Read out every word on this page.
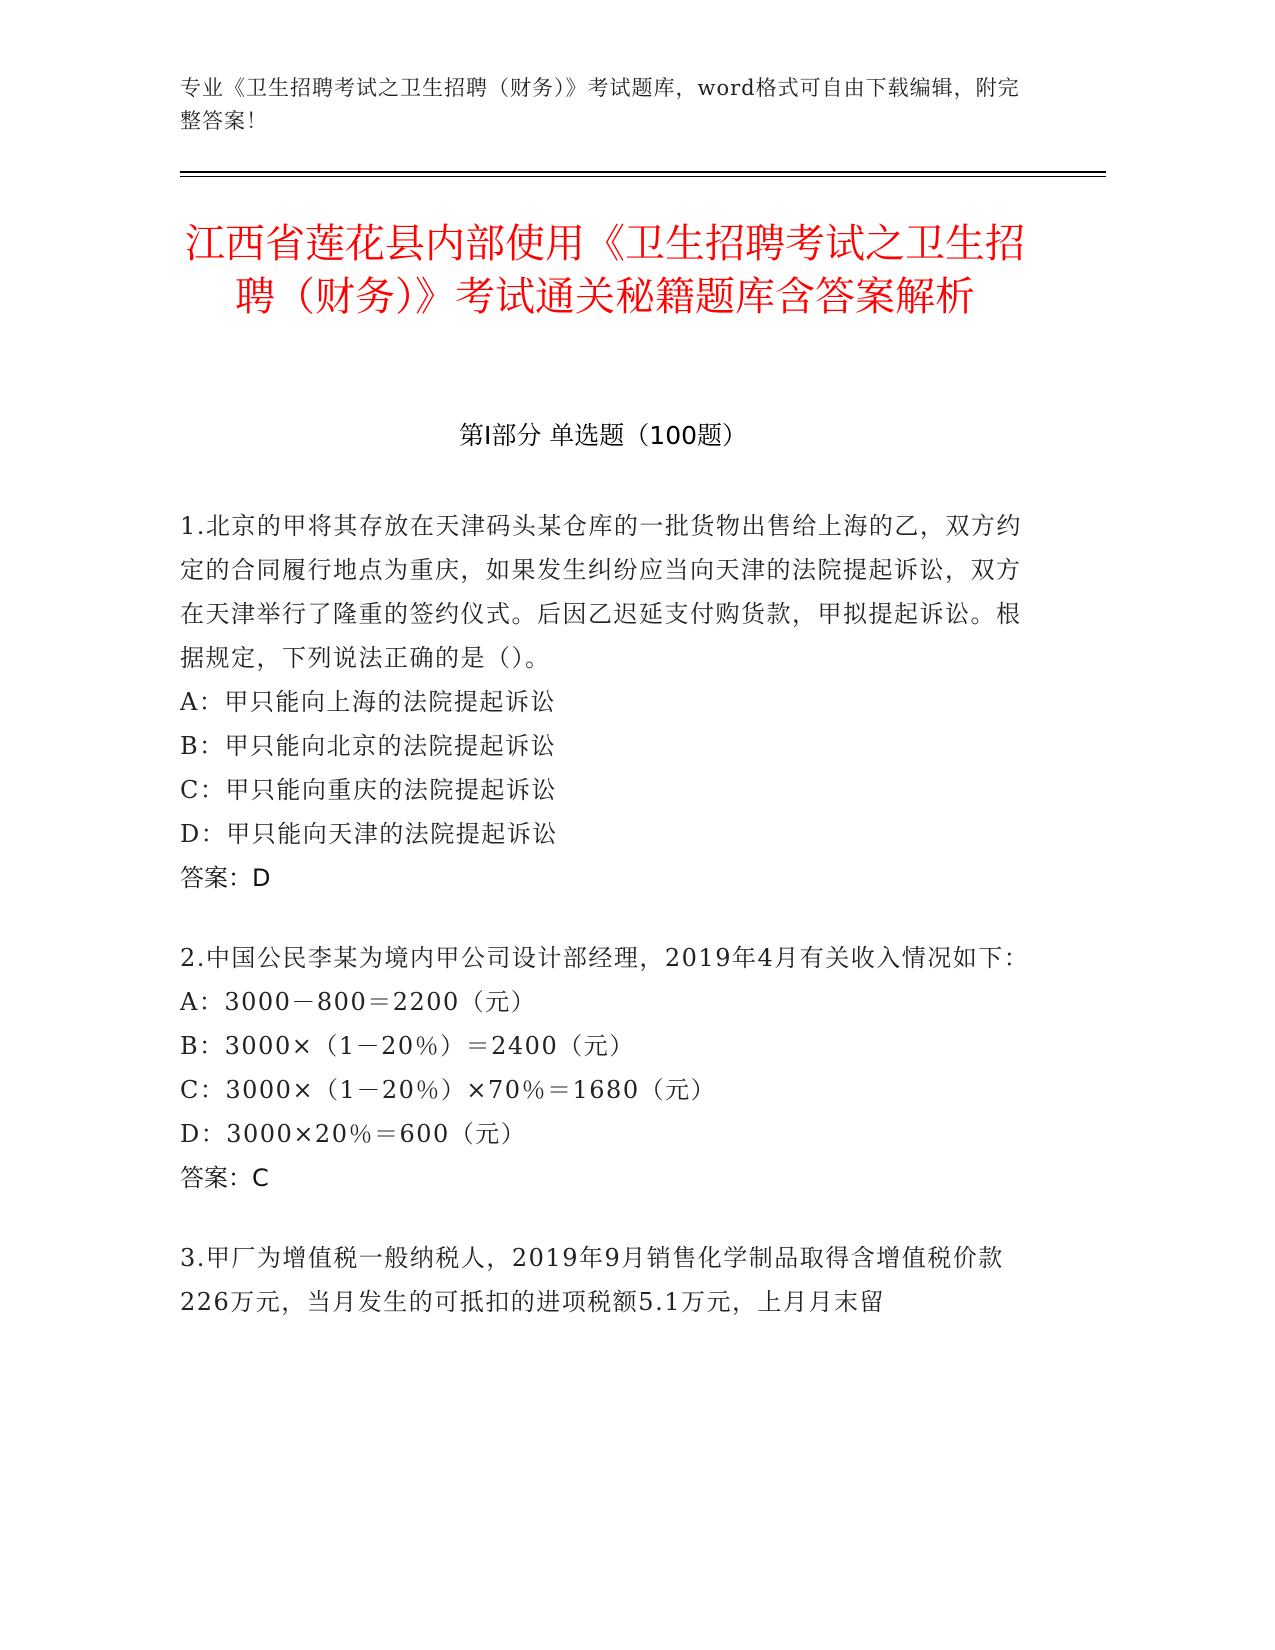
专业《卫生招聘考试之卫生招聘（财务）》考试题库，word格式可自由下载编辑，附完整答案！
江西省莲花县内部使用《卫生招聘考试之卫生招聘（财务）》考试通关秘籍题库含答案解析
第I部分 单选题（100题）

1.北京的甲将其存放在天津码头某仓库的一批货物出售给上海的乙，双方约定的合同履行地点为重庆，如果发生纠纷应当向天津的法院提起诉讼，双方在天津举行了隆重的签约仪式。后因乙迟延支付购货款，甲拟提起诉讼。根据规定，下列说法正确的是（）。

A：甲只能向上海的法院提起诉讼

B：甲只能向北京的法院提起诉讼

C：甲只能向重庆的法院提起诉讼

D：甲只能向天津的法院提起诉讼

答案：D

2.中国公民李某为境内甲公司设计部经理，2019年4月有关收入情况如下：

A：3000－800＝2200（元）

B：3000×（1－20％）＝2400（元）

C：3000×（1－20％）×70％＝1680（元）

D：3000×20％＝600（元）

答案：C

3.甲厂为增值税一般纳税人，2019年9月销售化学制品取得含增值税价款226万元，当月发生的可抵扣的进项税额5.1万元，上月月末留
